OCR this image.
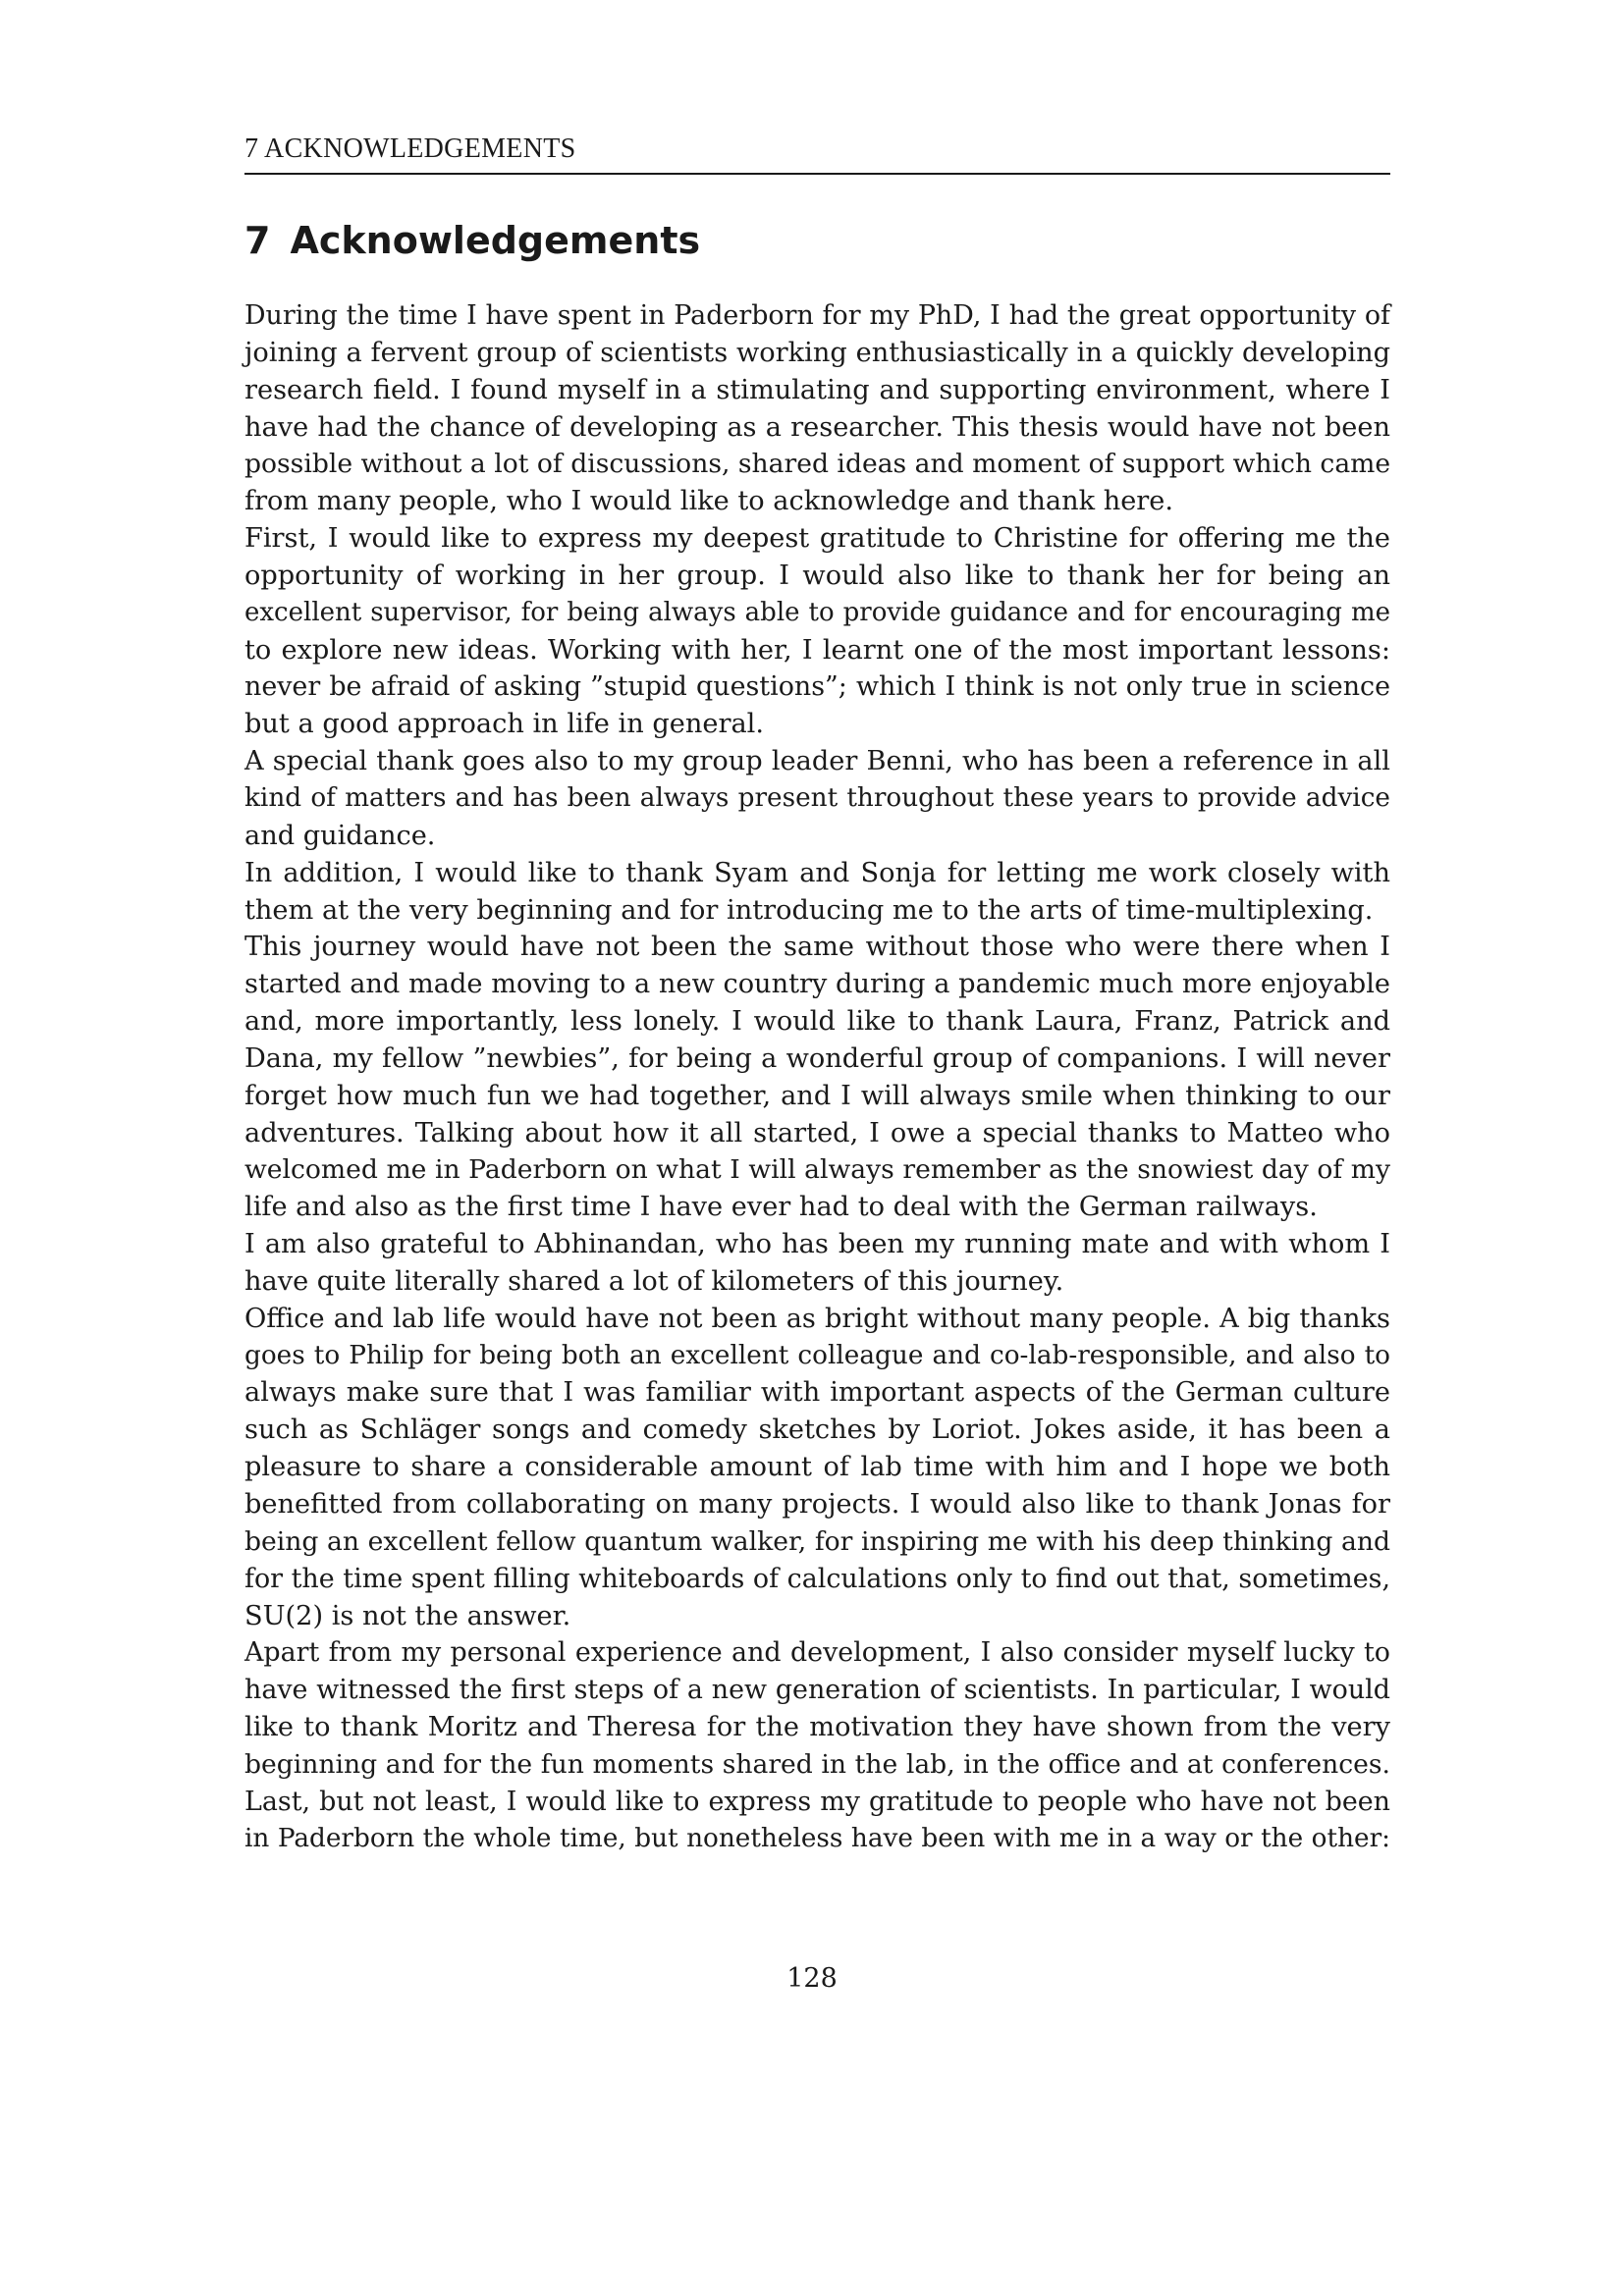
7 ACKNOWLEDGEMENTS
7 Acknowledgements
During the time I have spent in Paderborn for my PhD, I had the great opportunity of
joining a fervent group of scientists working enthusiastically in a quickly developing
research field. I found myself in a stimulating and supporting environment, where I
have had the chance of developing as a researcher. This thesis would have not been
possible without a lot of discussions, shared ideas and moment of support which came
from many people, who I would like to acknowledge and thank here.
First, I would like to express my deepest gratitude to Christine for offering me the
opportunity of working in her group. I would also like to thank her for being an
excellent supervisor, for being always able to provide guidance and for encouraging me
to explore new ideas. Working with her, I learnt one of the most important lessons:
never be afraid of asking ”stupid questions”; which I think is not only true in science
but a good approach in life in general.
A special thank goes also to my group leader Benni, who has been a reference in all
kind of matters and has been always present throughout these years to provide advice
and guidance.
In addition, I would like to thank Syam and Sonja for letting me work closely with
them at the very beginning and for introducing me to the arts of time-multiplexing.
This journey would have not been the same without those who were there when I
started and made moving to a new country during a pandemic much more enjoyable
and, more importantly, less lonely. I would like to thank Laura, Franz, Patrick and
Dana, my fellow ”newbies”, for being a wonderful group of companions. I will never
forget how much fun we had together, and I will always smile when thinking to our
adventures. Talking about how it all started, I owe a special thanks to Matteo who
welcomed me in Paderborn on what I will always remember as the snowiest day of my
life and also as the first time I have ever had to deal with the German railways.
I am also grateful to Abhinandan, who has been my running mate and with whom I
have quite literally shared a lot of kilometers of this journey.
Office and lab life would have not been as bright without many people. A big thanks
goes to Philip for being both an excellent colleague and co-lab-responsible, and also to
always make sure that I was familiar with important aspects of the German culture
such as Schläger songs and comedy sketches by Loriot. Jokes aside, it has been a
pleasure to share a considerable amount of lab time with him and I hope we both
benefitted from collaborating on many projects. I would also like to thank Jonas for
being an excellent fellow quantum walker, for inspiring me with his deep thinking and
for the time spent filling whiteboards of calculations only to find out that, sometimes,
SU(2) is not the answer.
Apart from my personal experience and development, I also consider myself lucky to
have witnessed the first steps of a new generation of scientists. In particular, I would
like to thank Moritz and Theresa for the motivation they have shown from the very
beginning and for the fun moments shared in the lab, in the office and at conferences.
Last, but not least, I would like to express my gratitude to people who have not been
in Paderborn the whole time, but nonetheless have been with me in a way or the other:
128
